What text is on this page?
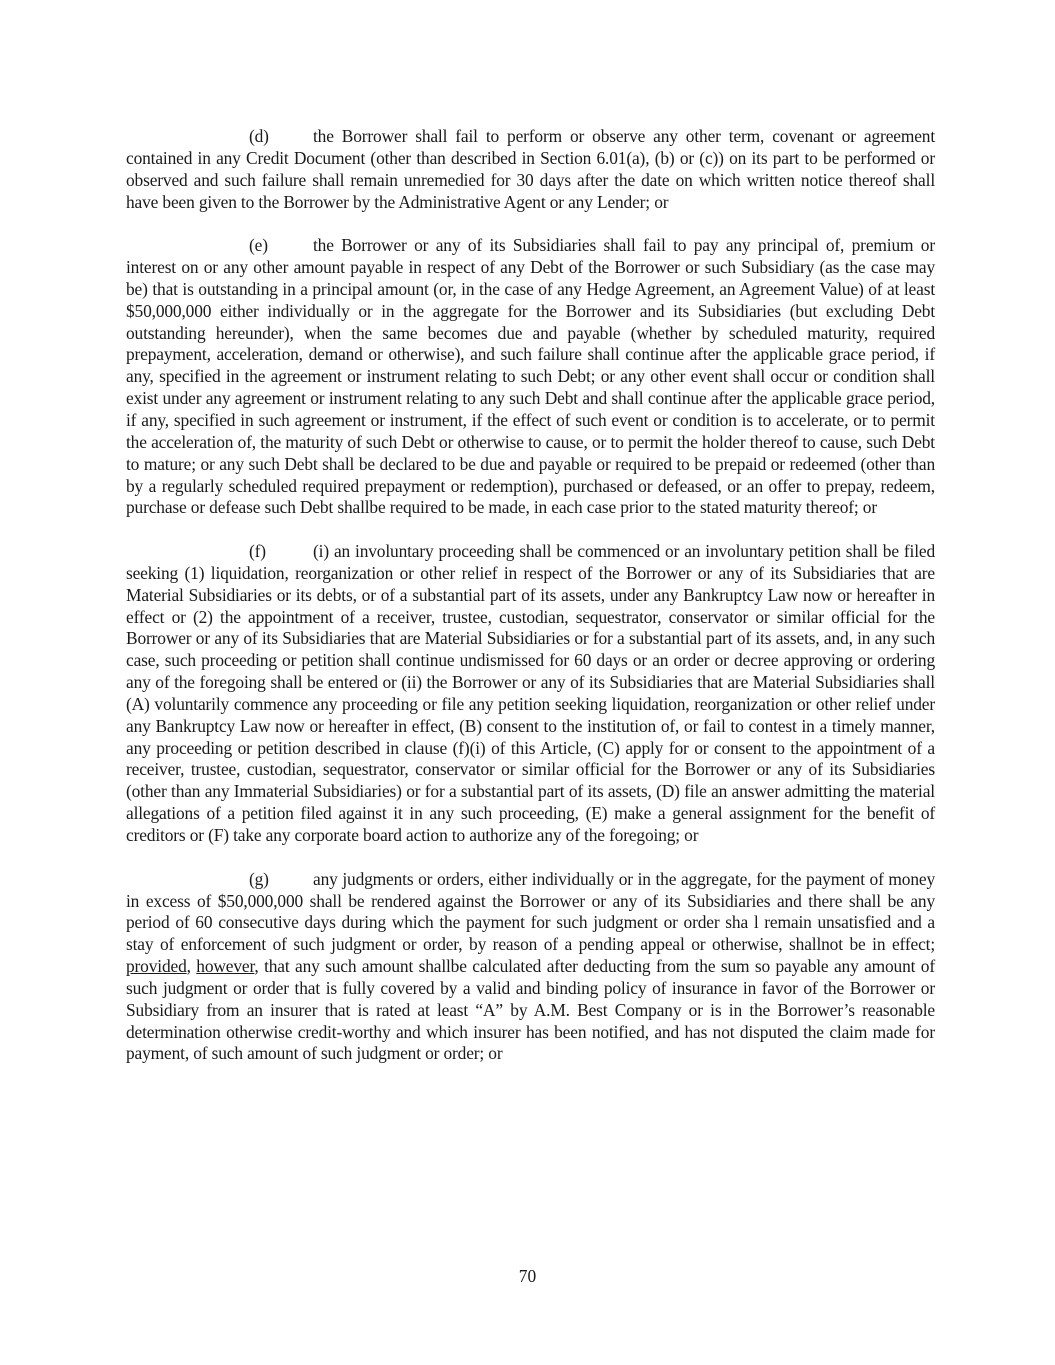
(d)	the Borrower shall fail to perform or observe any other term, covenant or agreement contained in any Credit Document (other than described in Section 6.01(a), (b) or (c)) on its part to be performed or observed and such failure shall remain unremedied for 30 days after the date on which written notice thereof shall have been given to the Borrower by the Administrative Agent or any Lender; or

(e)	the Borrower or any of its Subsidiaries shall fail to pay any principal of, premium or interest on or any other amount payable in respect of any Debt of the Borrower or such Subsidiary (as the case may be) that is outstanding in a principal amount (or, in the case of any Hedge Agreement, an Agreement Value) of at least $50,000,000 either individually or in the aggregate for the Borrower and its Subsidiaries (but excluding Debt outstanding hereunder), when the same becomes due and payable (whether by scheduled maturity, required prepayment, acceleration, demand or otherwise), and such failure shall continue after the applicable grace period, if any, specified in the agreement or instrument relating to such Debt; or any other event shall occur or condition shall exist under any agreement or instrument relating to any such Debt and shall continue after the applicable grace period, if any, specified in such agreement or instrument, if the effect of such event or condition is to accelerate, or to permit the acceleration of, the maturity of such Debt or otherwise to cause, or to permit the holder thereof to cause, such Debt to mature; or any such Debt shall be declared to be due and payable or required to be prepaid or redeemed (other than by a regularly scheduled required prepayment or redemption), purchased or defeased, or an offer to prepay, redeem, purchase or defease such Debt shallbe required to be made, in each case prior to the stated maturity thereof; or

(f)	(i) an involuntary proceeding shall be commenced or an involuntary petition shall be filed seeking (1) liquidation, reorganization or other relief in respect of the Borrower or any of its Subsidiaries that are Material Subsidiaries or its debts, or of a substantial part of its assets, under any Bankruptcy Law now or hereafter in effect or (2) the appointment of a receiver, trustee, custodian, sequestrator, conservator or similar official for the Borrower or any of its Subsidiaries that are Material Subsidiaries or for a substantial part of its assets, and, in any such case, such proceeding or petition shall continue undismissed for 60 days or an order or decree approving or ordering any of the foregoing shall be entered or (ii) the Borrower or any of its Subsidiaries that are Material Subsidiaries shall (A) voluntarily commence any proceeding or file any petition seeking liquidation, reorganization or other relief under any Bankruptcy Law now or hereafter in effect, (B) consent to the institution of, or fail to contest in a timely manner, any proceeding or petition described in clause (f)(i) of this Article, (C) apply for or consent to the appointment of a receiver, trustee, custodian, sequestrator, conservator or similar official for the Borrower or any of its Subsidiaries (other than any Immaterial Subsidiaries) or for a substantial part of its assets, (D) file an answer admitting the material allegations of a petition filed against it in any such proceeding, (E) make a general assignment for the benefit of creditors or (F) take any corporate board action to authorize any of the foregoing; or

(g)	any judgments or orders, either individually or in the aggregate, for the payment of money in excess of $50,000,000 shall be rendered against the Borrower or any of its Subsidiaries and there shall be any period of 60 consecutive days during which the payment for such judgment or order sha l remain unsatisfied and a stay of enforcement of such judgment or order, by reason of a pending appeal or otherwise, shallnot be in effect; provided, however, that any such amount shallbe calculated after deducting from the sum so payable any amount of such judgment or order that is fully covered by a valid and binding policy of insurance in favor of the Borrower or Subsidiary from an insurer that is rated at least “A” by A.M. Best Company or is in the Borrower’s reasonable determination otherwise credit-worthy and which insurer has been notified, and has not disputed the claim made for payment, of such amount of such judgment or order; or

70
